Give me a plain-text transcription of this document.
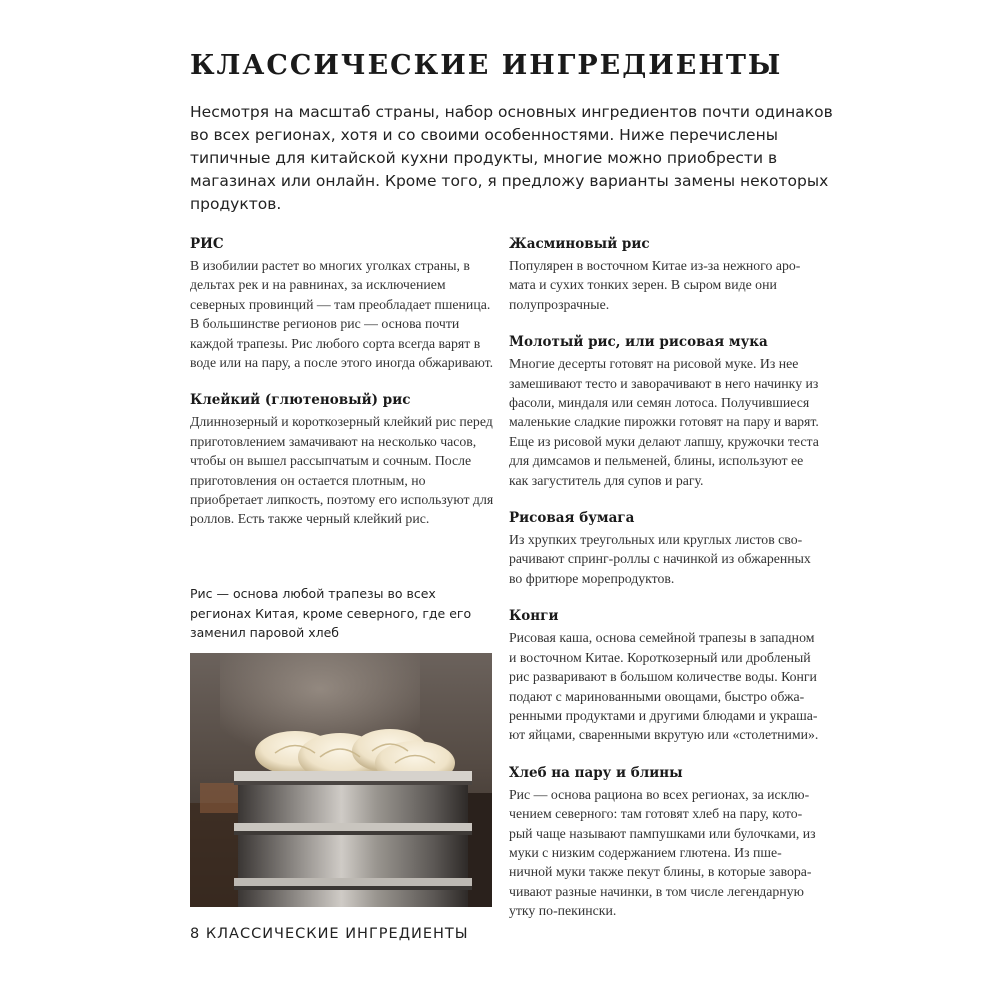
КЛАССИЧЕСКИЕ ИНГРЕДИЕНТЫ

Несмотря на масштаб страны, набор основных ингредиентов почти одинаков во всех регионах, хотя и со своими особенностями. Ниже перечислены типичные для китайской кухни продукты, многие можно приобрести в магазинах или онлайн. Кроме того, я предложу варианты замены некоторых продуктов.

РИС

В изобилии растет во многих уголках страны, в дельтах рек и на равнинах, за исключением северных провинций — там преобладает пшеница. В большинстве регионов рис — основа почти каждой трапезы. Рис любого сорта всегда варят в воде или на пару, а после этого иногда обжаривают.

Клейкий (глютеновый) рис

Длиннозерный и короткозерный клейкий рис перед приготовлением замачивают на несколько часов, чтобы он вышел рассыпчатым и сочным. После приготовления он остается плотным, но приобретает липкость, поэтому его используют для роллов. Есть также черный клейкий рис.

Рис — основа любой трапезы во всех регионах Китая, кроме северного, где его заменил паровой хлеб

Жасминовый рис

Популярен в восточном Китае из-за нежного аромата и сухих тонких зерен. В сыром виде они полупрозрачные.

Молотый рис, или рисовая мука

Многие десерты готовят на рисовой муке. Из нее замешивают тесто и заворачивают в него начинку из фасоли, миндаля или семян лотоса. Получившиеся маленькие сладкие пирожки готовят на пару и варят. Еще из рисовой муки делают лапшу, кружочки теста для димсамов и пельменей, блины, используют ее как загуститель для супов и рагу.

Рисовая бумага

Из хрупких треугольных или круглых листов сворачивают спринг-роллы с начинкой из обжаренных во фритюре морепродуктов.

Конги

Рисовая каша, основа семейной трапезы в западном и восточном Китае. Короткозерный или дробленый рис разваривают в большом количестве воды. Конги подают с маринованными овощами, быстро обжаренными продуктами и другими блюдами и украшают яйцами, сваренными вкрутую или «столетними».

Хлеб на пару и блины

Рис — основа рациона во всех регионах, за исключением северного: там готовят хлеб на пару, который чаще называют пампушками или булочками, из муки с низким содержанием глютена. Из пшеничной муки также пекут блины, в которые заворачивают разные начинки, в том числе легендарную утку по-пекински.

8 КЛАССИЧЕСКИЕ ИНГРЕДИЕНТЫ
